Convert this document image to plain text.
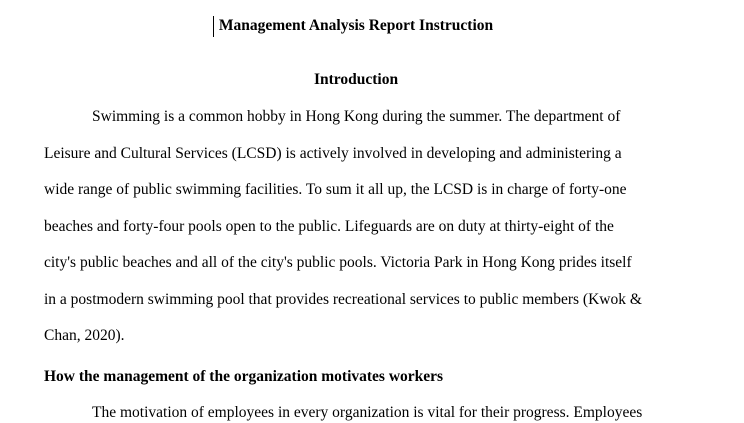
Management Analysis Report Instruction
Introduction
Swimming is a common hobby in Hong Kong during the summer. The department of
Leisure and Cultural Services (LCSD) is actively involved in developing and administering a
wide range of public swimming facilities. To sum it all up, the LCSD is in charge of forty-one
beaches and forty-four pools open to the public. Lifeguards are on duty at thirty-eight of the
city's public beaches and all of the city's public pools. Victoria Park in Hong Kong prides itself
in a postmodern swimming pool that provides recreational services to public members (Kwok &
Chan, 2020).
How the management of the organization motivates workers
The motivation of employees in every organization is vital for their progress. Employees
